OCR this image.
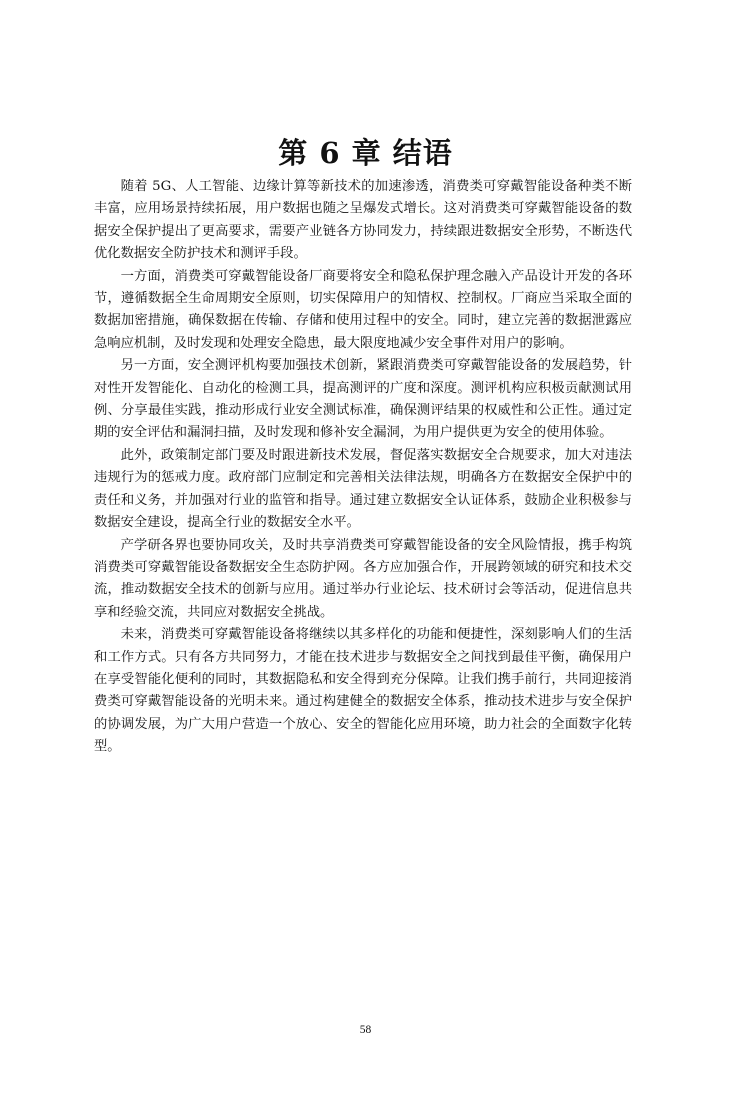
第 6 章 结语

随着 5G、人工智能、边缘计算等新技术的加速渗透，消费类可穿戴智能设备种类不断丰富，应用场景持续拓展，用户数据也随之呈爆发式增长。这对消费类可穿戴智能设备的数据安全保护提出了更高要求，需要产业链各方协同发力，持续跟进数据安全形势，不断迭代优化数据安全防护技术和测评手段。

一方面，消费类可穿戴智能设备厂商要将安全和隐私保护理念融入产品设计开发的各环节，遵循数据全生命周期安全原则，切实保障用户的知情权、控制权。厂商应当采取全面的数据加密措施，确保数据在传输、存储和使用过程中的安全。同时，建立完善的数据泄露应急响应机制，及时发现和处理安全隐患，最大限度地减少安全事件对用户的影响。

另一方面，安全测评机构要加强技术创新，紧跟消费类可穿戴智能设备的发展趋势，针对性开发智能化、自动化的检测工具，提高测评的广度和深度。测评机构应积极贡献测试用例、分享最佳实践，推动形成行业安全测试标准，确保测评结果的权威性和公正性。通过定期的安全评估和漏洞扫描，及时发现和修补安全漏洞，为用户提供更为安全的使用体验。

此外，政策制定部门要及时跟进新技术发展，督促落实数据安全合规要求，加大对违法违规行为的惩戒力度。政府部门应制定和完善相关法律法规，明确各方在数据安全保护中的责任和义务，并加强对行业的监管和指导。通过建立数据安全认证体系，鼓励企业积极参与数据安全建设，提高全行业的数据安全水平。

产学研各界也要协同攻关，及时共享消费类可穿戴智能设备的安全风险情报，携手构筑消费类可穿戴智能设备数据安全生态防护网。各方应加强合作，开展跨领域的研究和技术交流，推动数据安全技术的创新与应用。通过举办行业论坛、技术研讨会等活动，促进信息共享和经验交流，共同应对数据安全挑战。

未来，消费类可穿戴智能设备将继续以其多样化的功能和便捷性，深刻影响人们的生活和工作方式。只有各方共同努力，才能在技术进步与数据安全之间找到最佳平衡，确保用户在享受智能化便利的同时，其数据隐私和安全得到充分保障。让我们携手前行，共同迎接消费类可穿戴智能设备的光明未来。通过构建健全的数据安全体系，推动技术进步与安全保护的协调发展，为广大用户营造一个放心、安全的智能化应用环境，助力社会的全面数字化转型。

58
